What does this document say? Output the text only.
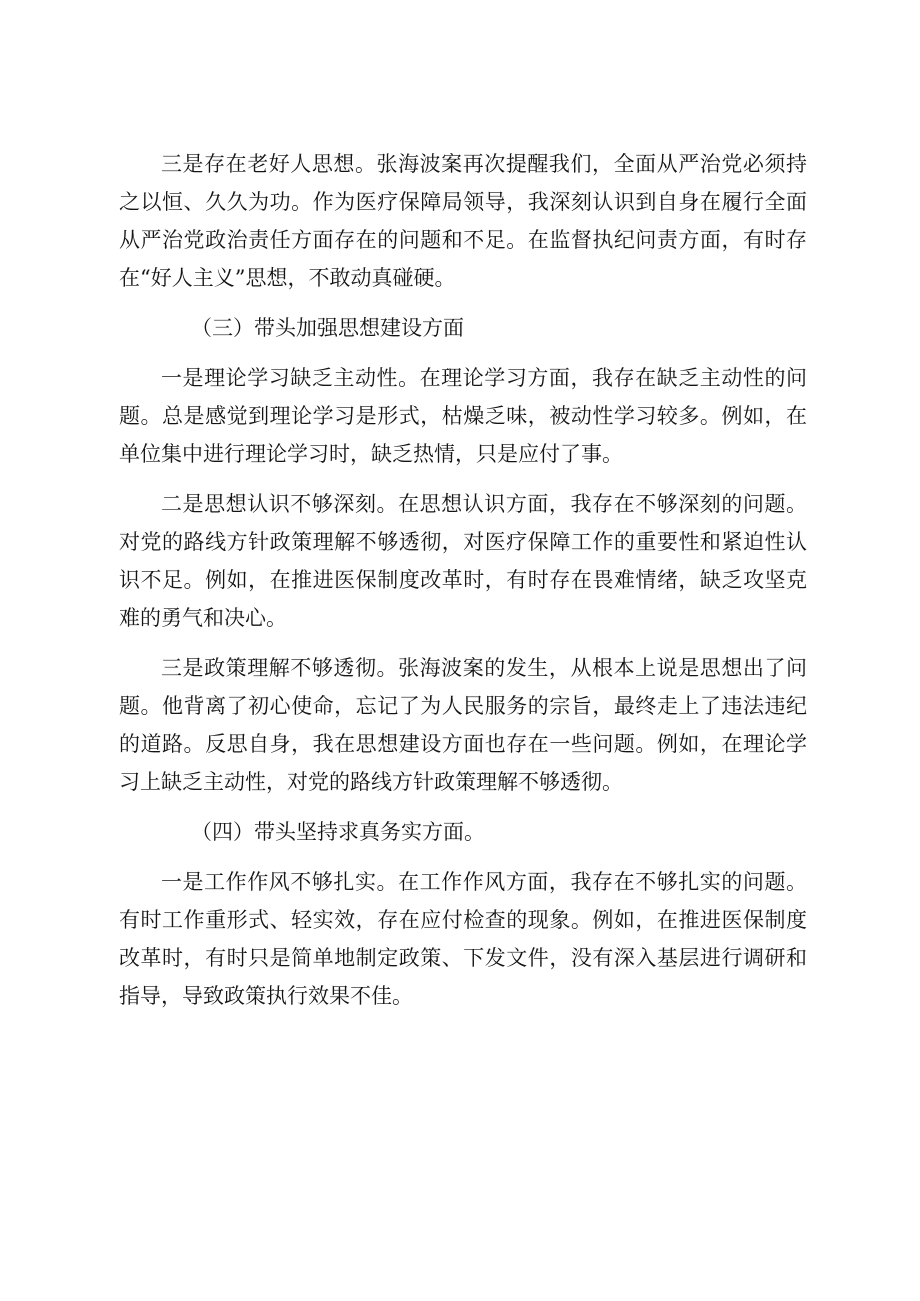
三是存在老好人思想。张海波案再次提醒我们，全面从严治党必须持之以恒、久久为功。作为医疗保障局领导，我深刻认识到自身在履行全面从严治党政治责任方面存在的问题和不足。在监督执纪问责方面，有时存在“好人主义”思想，不敢动真碰硬。

（三）带头加强思想建设方面

一是理论学习缺乏主动性。在理论学习方面，我存在缺乏主动性的问题。总是感觉到理论学习是形式，枯燥乏味，被动性学习较多。例如，在单位集中进行理论学习时，缺乏热情，只是应付了事。

二是思想认识不够深刻。在思想认识方面，我存在不够深刻的问题。对党的路线方针政策理解不够透彻，对医疗保障工作的重要性和紧迫性认识不足。例如，在推进医保制度改革时，有时存在畏难情绪，缺乏攻坚克难的勇气和决心。

三是政策理解不够透彻。张海波案的发生，从根本上说是思想出了问题。他背离了初心使命，忘记了为人民服务的宗旨，最终走上了违法违纪的道路。反思自身，我在思想建设方面也存在一些问题。例如，在理论学习上缺乏主动性，对党的路线方针政策理解不够透彻。

（四）带头坚持求真务实方面。

一是工作作风不够扎实。在工作作风方面，我存在不够扎实的问题。有时工作重形式、轻实效，存在应付检查的现象。例如，在推进医保制度改革时，有时只是简单地制定政策、下发文件，没有深入基层进行调研和指导，导致政策执行效果不佳。
